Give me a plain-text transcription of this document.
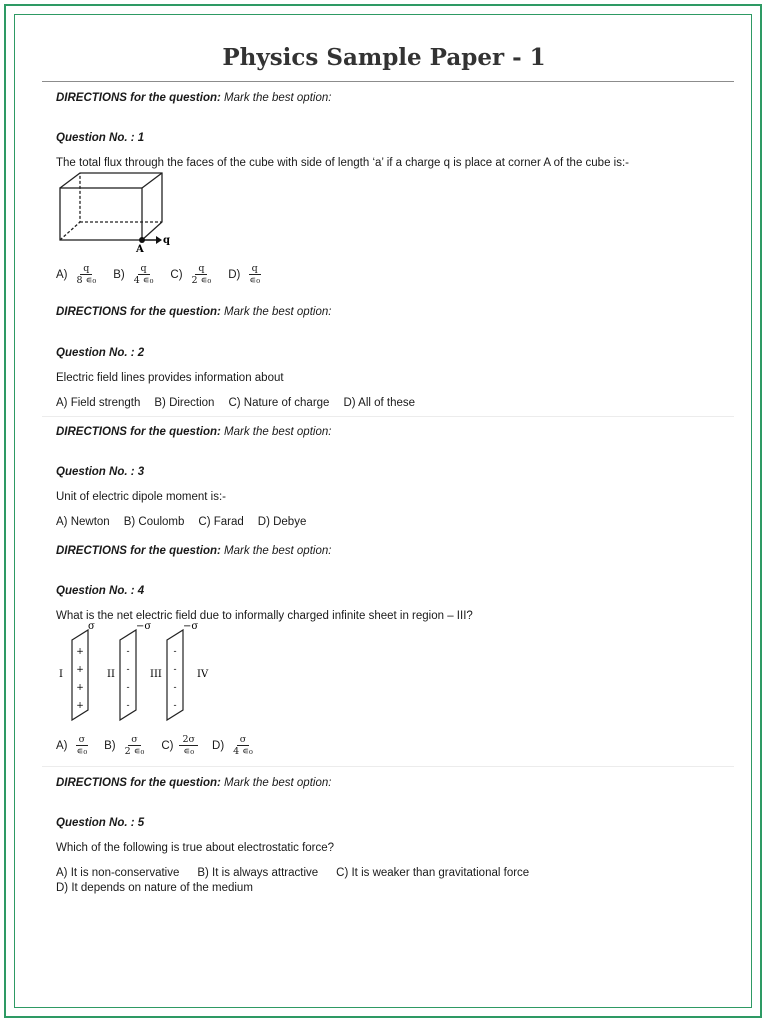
Physics Sample Paper - 1
DIRECTIONS for the question: Mark the best option:
Question No. : 1
The total flux through the faces of the cube with side of length ‘a’ if a charge q is place at corner A of the cube is:-
A
q
$A) \frac{q}{\text{8 ∊₀}} B) \frac{q}{\text{4 ∊₀}} C) \frac{q}{\text{2 ∊₀}} D) \frac{q}{\text{∊₀}}$
DIRECTIONS for the question: Mark the best option:
Question No. : 2
Electric field lines provides information about
A) Field strength B) Direction C) Nature of charge D) All of these
DIRECTIONS for the question: Mark the best option:
Question No. : 3
Unit of electric dipole moment is:-
A) Newton B) Coulomb C) Farad D) Debye
DIRECTIONS for the question: Mark the best option:
Question No. : 4
What is the net electric field due to informally charged infinite sheet in region – III?
σ	−σ	−σ
I	II	III	IV
+
+
+
+
-
-
-
-
-
-
-
-
$A) \frac{\sigma}{\text{∊₀}} B) \frac{\sigma}{\text{2 ∊₀}} C) \frac{2\sigma}{\text{∊₀}} D) \frac{\sigma}{\text{4 ∊₀}}$
DIRECTIONS for the question: Mark the best option:
Question No. : 5
Which of the following is true about electrostatic force?
A) It is non-conservative B) It is always attractive C) It is weaker than gravitational force
D) It depends on nature of the medium
